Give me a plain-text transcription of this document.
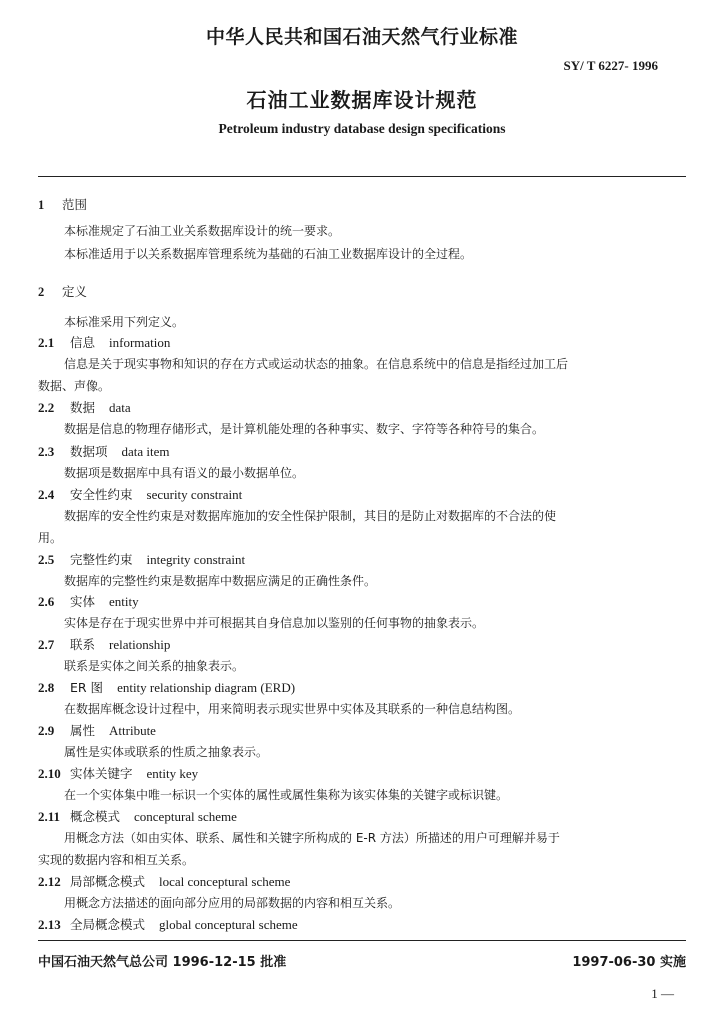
中华人民共和国石油天然气行业标准
SY/ T 6227- 1996
石油工业数据库设计规范
Petroleum industry database design specifications
1 范围
本标准规定了石油工业关系数据库设计的统一要求。
本标准适用于以关系数据库管理系统为基础的石油工业数据库设计的全过程。
2 定义
本标准采用下列定义。
2.1 信息 information
信息是关于现实事物和知识的存在方式或运动状态的抽象。在信息系统中的信息是指经过加工后
数据、声像。
2.2 数据 data
数据是信息的物理存储形式，是计算机能处理的各种事实、数字、字符等各种符号的集合。
2.3 数据项 data item
数据项是数据库中具有语义的最小数据单位。
2.4 安全性约束 security constraint
数据库的安全性约束是对数据库施加的安全性保护限制，其目的是防止对数据库的不合法的使
用。
2.5 完整性约束 integrity constraint
数据库的完整性约束是数据库中数据应满足的正确性条件。
2.6 实体 entity
实体是存在于现实世界中并可根据其自身信息加以鉴别的任何事物的抽象表示。
2.7 联系 relationship
联系是实体之间关系的抽象表示。
2.8 ER 图 entity relationship diagram (ERD)
在数据库概念设计过程中，用来简明表示现实世界中实体及其联系的一种信息结构图。
2.9 属性 Attribute
属性是实体或联系的性质之抽象表示。
2.10 实体关键字 entity key
在一个实体集中唯一标识一个实体的属性或属性集称为该实体集的关键字或标识键。
2.11 概念模式 conceptural scheme
用概念方法（如由实体、联系、属性和关键字所构成的 E-R 方法）所描述的用户可理解并易于
实现的数据内容和相互关系。
2.12 局部概念模式 local conceptural scheme
用概念方法描述的面向部分应用的局部数据的内容和相互关系。
2.13 全局概念模式 global conceptural scheme
中国石油天然气总公司 1996-12-15 批准	1997-06-30 实施
1 —
